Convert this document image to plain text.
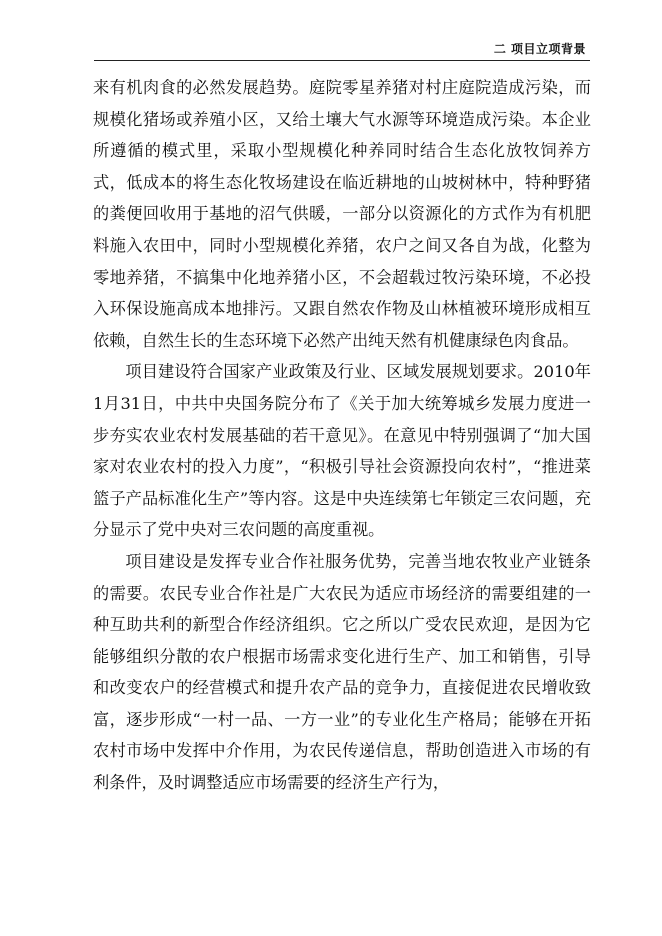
二 项目立项背景

来有机肉食的必然发展趋势。庭院零星养猪对村庄庭院造成污染，而规模化猪场或养殖小区，又给土壤大气水源等环境造成污染。本企业所遵循的模式里，采取小型规模化种养同时结合生态化放牧饲养方式，低成本的将生态化牧场建设在临近耕地的山坡树林中，特种野猪的粪便回收用于基地的沼气供暖，一部分以资源化的方式作为有机肥料施入农田中，同时小型规模化养猪，农户之间又各自为战，化整为零地养猪，不搞集中化地养猪小区，不会超载过牧污染环境，不必投入环保设施高成本地排污。又跟自然农作物及山林植被环境形成相互依赖，自然生长的生态环境下必然产出纯天然有机健康绿色肉食品。

项目建设符合国家产业政策及行业、区域发展规划要求。2010年1月31日，中共中央国务院分布了《关于加大统筹城乡发展力度进一步夯实农业农村发展基础的若干意见》。在意见中特别强调了“加大国家对农业农村的投入力度”，“积极引导社会资源投向农村”，“推进菜篮子产品标准化生产”等内容。这是中央连续第七年锁定三农问题，充分显示了党中央对三农问题的高度重视。

项目建设是发挥专业合作社服务优势，完善当地农牧业产业链条的需要。农民专业合作社是广大农民为适应市场经济的需要组建的一种互助共利的新型合作经济组织。它之所以广受农民欢迎，是因为它能够组织分散的农户根据市场需求变化进行生产、加工和销售，引导和改变农户的经营模式和提升农产品的竞争力，直接促进农民增收致富，逐步形成“一村一品、一方一业”的专业化生产格局；能够在开拓农村市场中发挥中介作用，为农民传递信息，帮助创造进入市场的有利条件，及时调整适应市场需要的经济生产行为，
